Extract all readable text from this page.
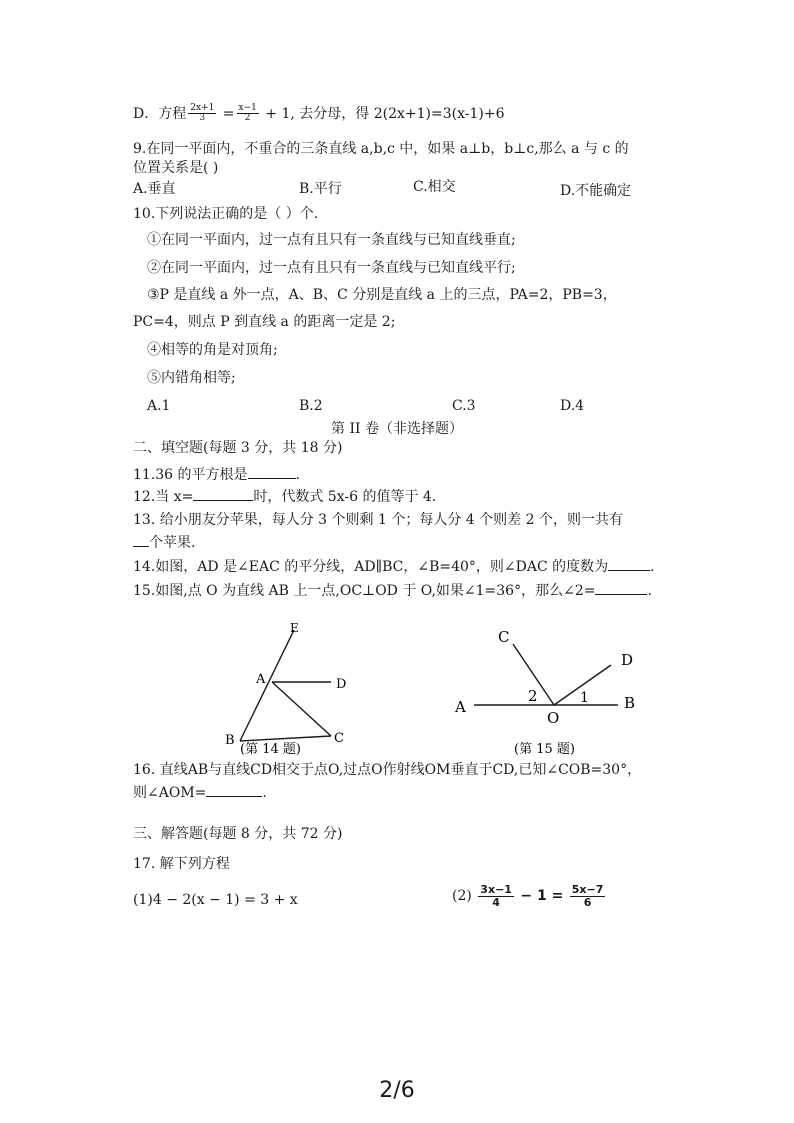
D．方程 $\frac{2x+1}{3} = \frac{x-1}{2} + 1$, 去分母，得 2(2x+1)=3(x-1)+6
9.在同一平面内，不重合的三条直线 a,b,c 中，如果 a⊥b，b⊥c,那么 a 与 c 的
位置关系是( )
A.垂直	B.平行	C.相交	D.不能确定
10.下列说法正确的是（ ）个.
①在同一平面内，过一点有且只有一条直线与已知直线垂直;
②在同一平面内，过一点有且只有一条直线与已知直线平行;
③P 是直线 a 外一点，A、B、C 分别是直线 a 上的三点，PA=2，PB=3，
PC=4，则点 P 到直线 a 的距离一定是 2;
④相等的角是对顶角;
⑤内错角相等;
A.1	B.2	C.3	D.4
第 II 卷（非选择题）
二、填空题(每题 3 分，共 18 分)
11.36 的平方根是	.
12.当 x=	时，代数式 5x-6 的值等于 4.
13. 给小朋友分苹果，每人分 3 个则剩 1 个；每人分 4 个则差 2 个，则一共有
个苹果.
14.如图，AD 是∠EAC 的平分线，AD∥BC，∠B=40°，则∠DAC 的度数为	.
15.如图,点 O 为直线 AB 上一点,OC⊥OD 于 O,如果∠1=36°，那么∠2=	.
E
A	D
B	C
(第 14 题)
C
D
A	B
O
1
2
(第 15 题)
16. 直线AB与直线CD相交于点O,过点O作射线OM垂直于CD,已知∠COB=30°，
则∠AOM=	.
三、解答题(每题 8 分，共 72 分)
17. 解下列方程
(1)4 − 2(x − 1) = 3 + x	$(2) \frac{3x-1}{4} - 1 = \frac{5x-7}{6}$
2/6
